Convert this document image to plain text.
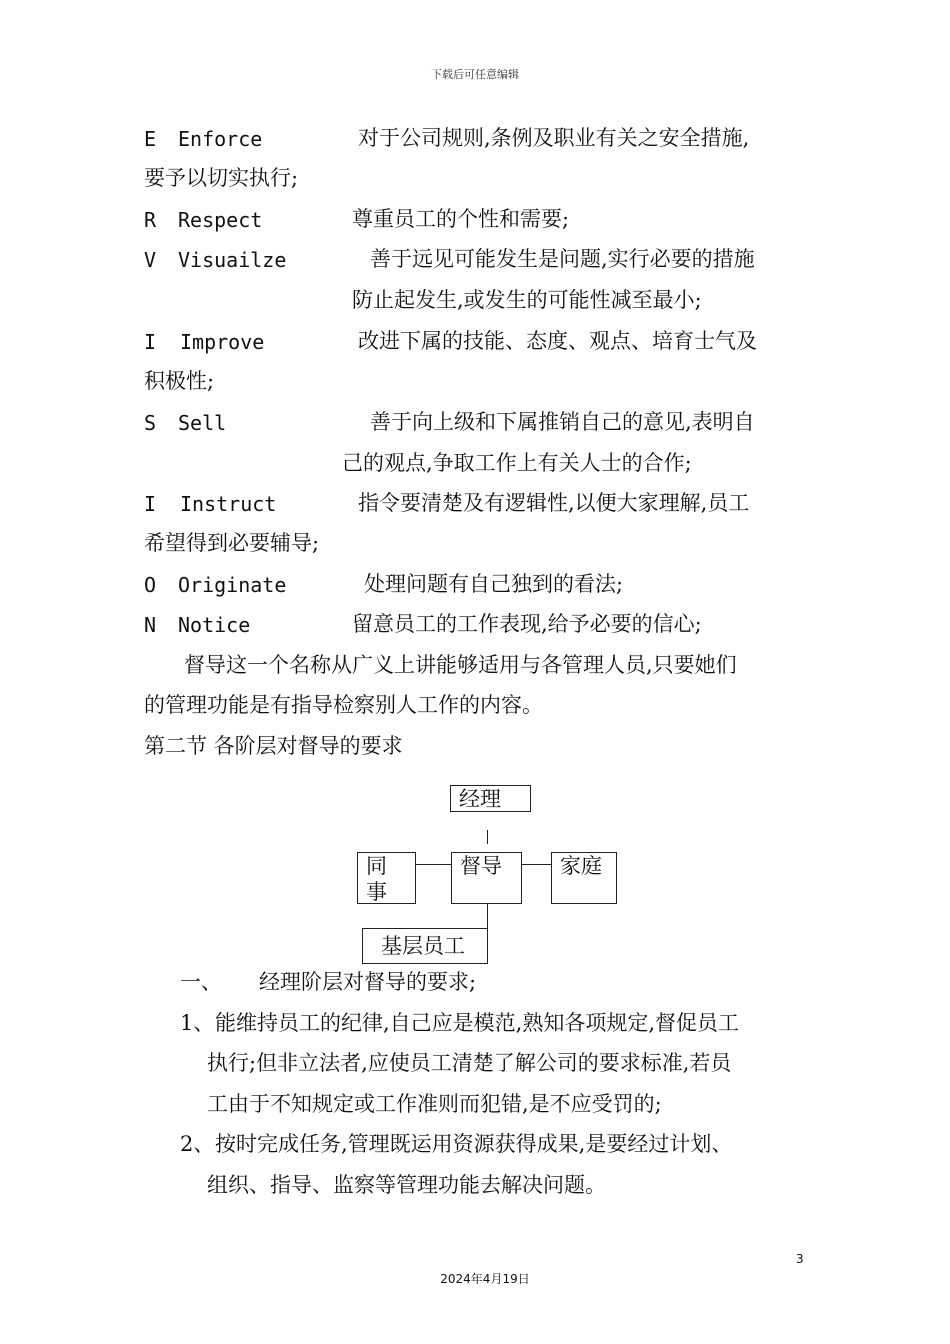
下载后可任意编辑
E Enforce	对于公司规则,条例及职业有关之安全措施,
要予以切实执行;
R Respect	尊重员工的个性和需要;
V Visuailze	善于远见可能发生是问题,实行必要的措施
防止起发生,或发生的可能性减至最小;
I Improve	改进下属的技能、态度、观点、培育士气及
积极性;
S Sell	善于向上级和下属推销自己的意见,表明自
己的观点,争取工作上有关人士的合作;
I Instruct	指令要清楚及有逻辑性,以便大家理解,员工
希望得到必要辅导;
O Originate	处理问题有自己独到的看法;
N Notice	留意员工的工作表现,给予必要的信心;
督导这一个名称从广义上讲能够适用与各管理人员,只要她们
的管理功能是有指导检察别人工作的内容。
第二节 各阶层对督导的要求
经理
同
事
督导	家庭
基层员工
一、 经理阶层对督导的要求;
1、 能维持员工的纪律,自己应是模范,熟知各项规定,督促员工
执行;但非立法者,应使员工清楚了解公司的要求标准,若员
工由于不知规定或工作准则而犯错,是不应受罚的;
2、 按时完成任务,管理既运用资源获得成果,是要经过计划、
组织、指导、监察等管理功能去解决问题。
3
2024年4月19日
